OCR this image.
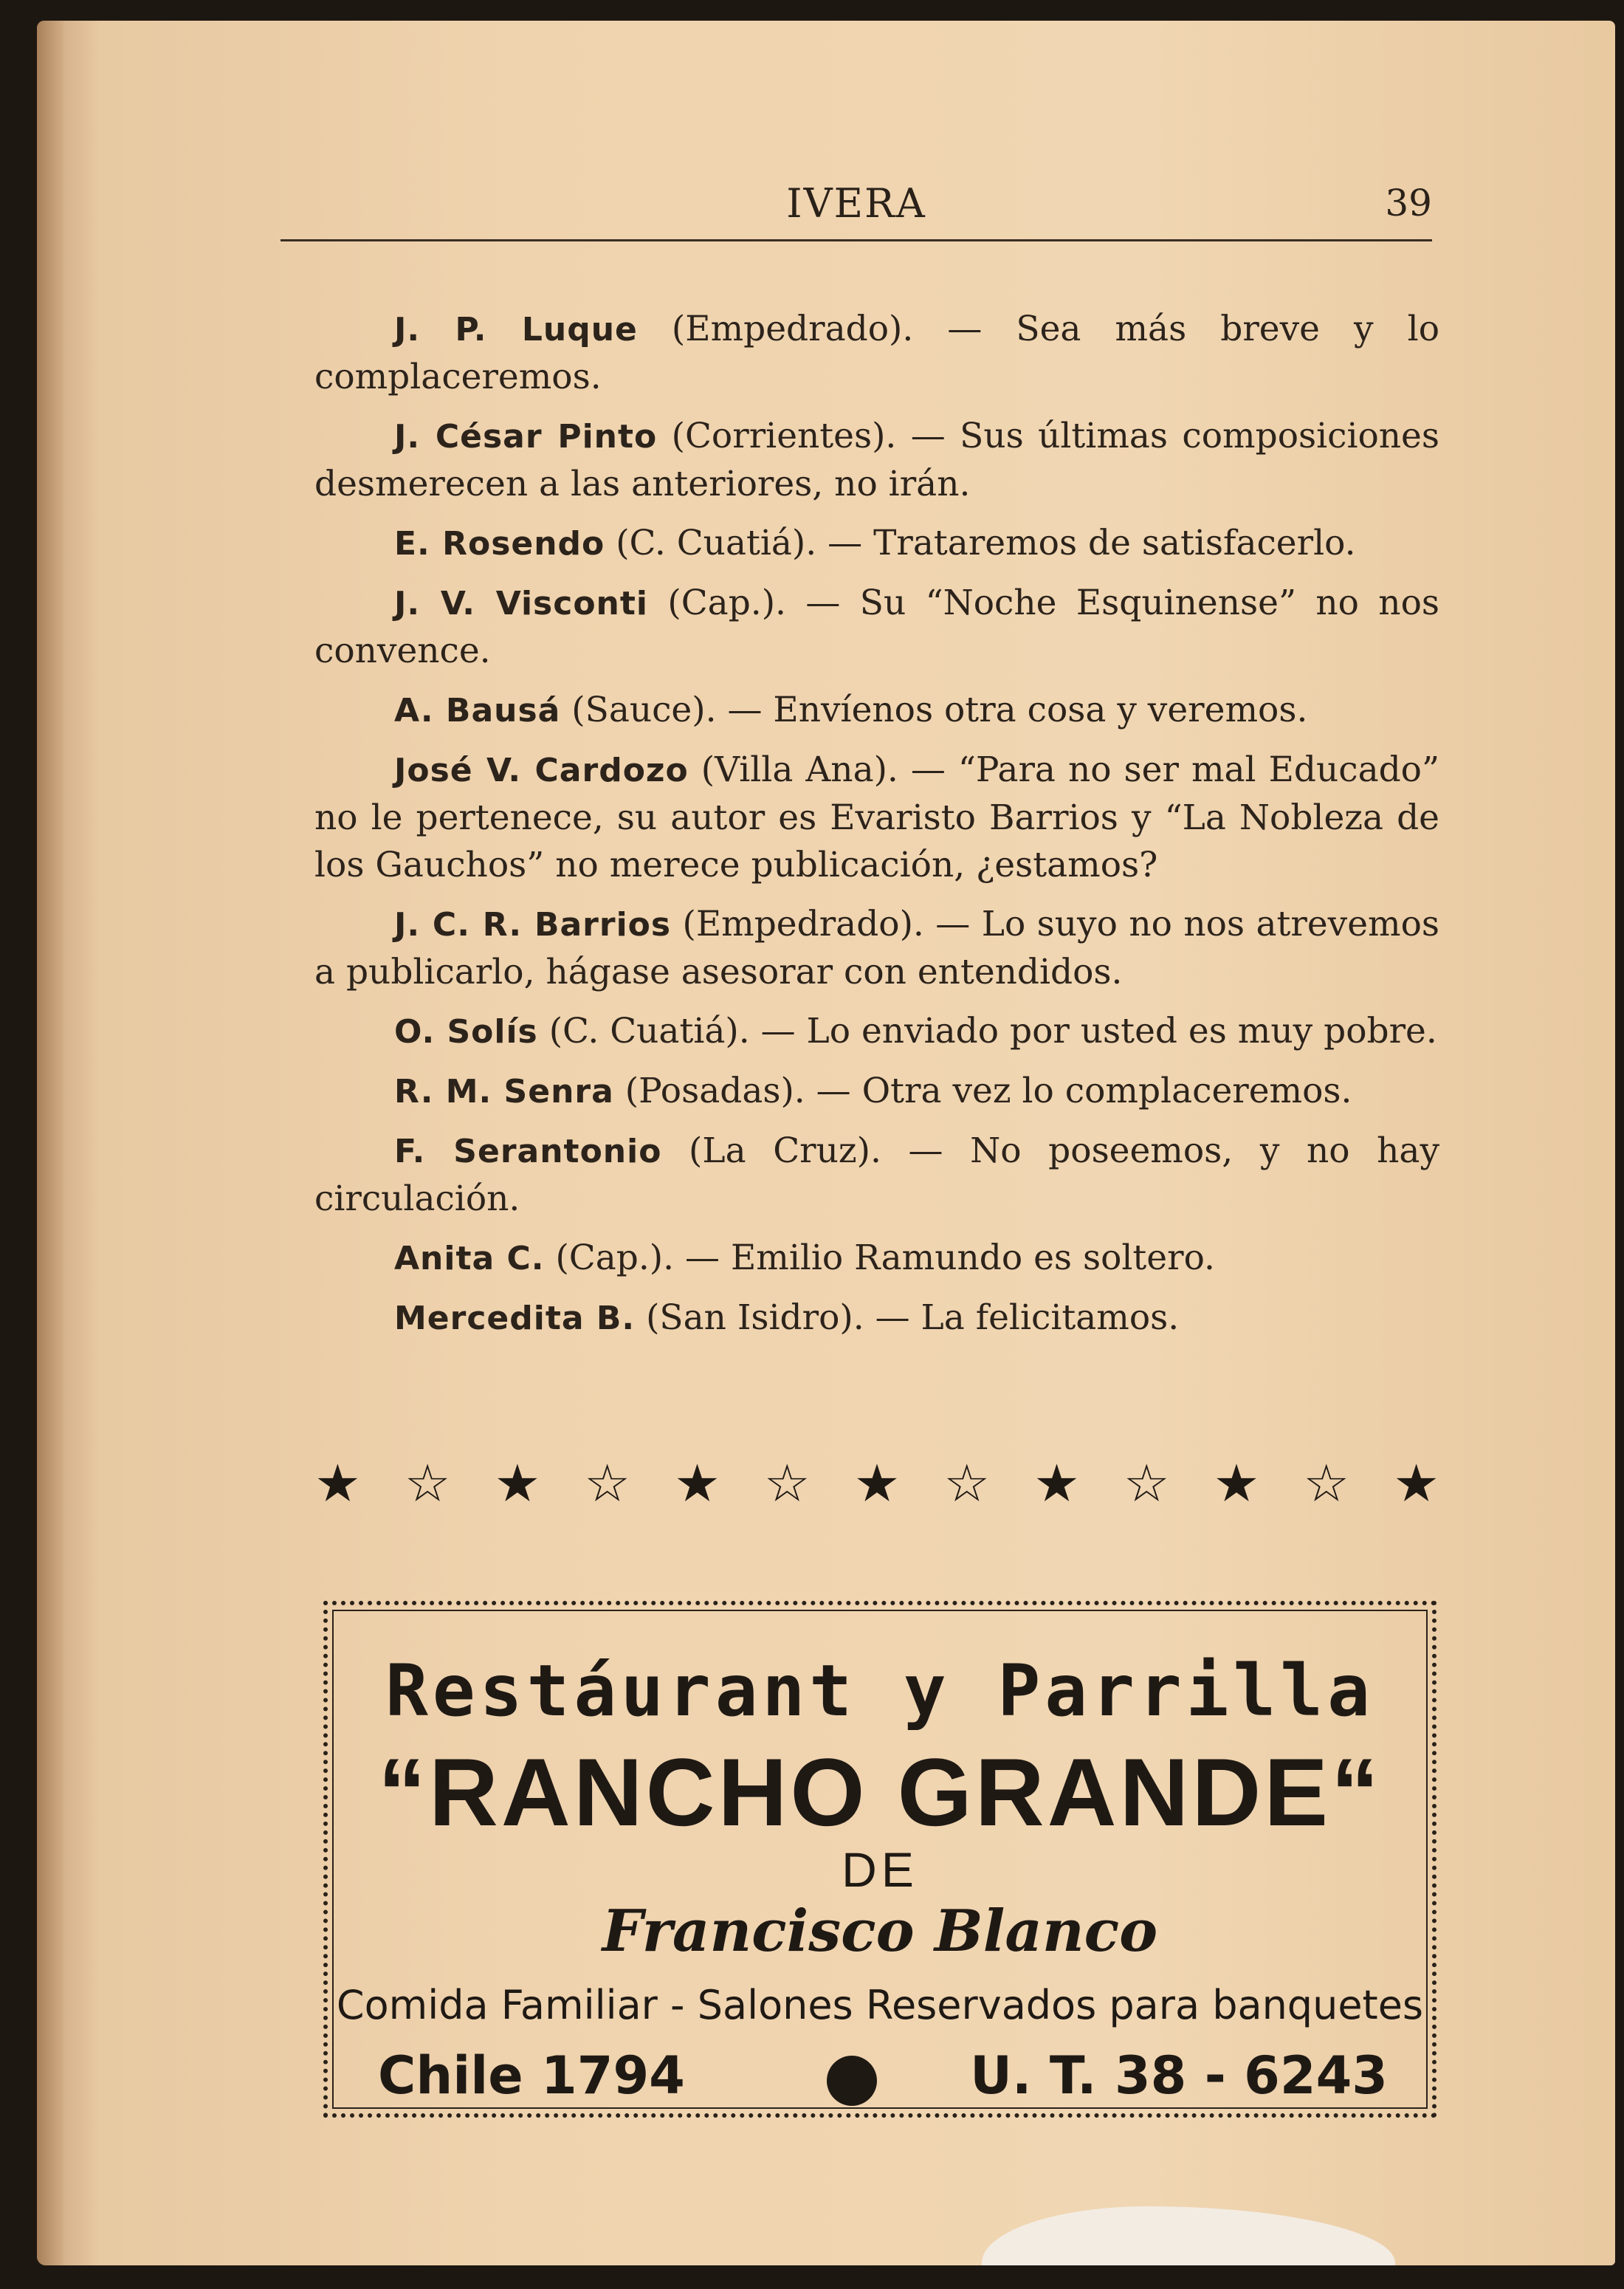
IVERA	39

J. P. Luque (Empedrado). — Sea más breve y lo complaceremos.

J. César Pinto (Corrientes). — Sus últimas composiciones desmerecen a las anteriores, no irán.

E. Rosendo (C. Cuatiá). — Trataremos de satisfacerlo.

J. V. Visconti (Cap.). — Su “Noche Esquinense” no nos convence.

A. Bausá (Sauce). — Envíenos otra cosa y veremos.

José V. Cardozo (Villa Ana). — “Para no ser mal Educado” no le pertenece, su autor es Evaristo Barrios y “La Nobleza de los Gauchos” no merece publicación, ¿estamos?

J. C. R. Barrios (Empedrado). — Lo suyo no nos atrevemos a publicarlo, hágase asesorar con entendidos.

O. Solís (C. Cuatiá). — Lo enviado por usted es muy pobre.

R. M. Senra (Posadas). — Otra vez lo complaceremos.

F. Serantonio (La Cruz). — No poseemos, y no hay circulación.

Anita C. (Cap.). — Emilio Ramundo es soltero.

Mercedita B. (San Isidro). — La felicitamos.

★ ☆ ★ ☆ ★ ☆ ★ ☆ ★ ☆ ★ ☆ ★
Restáurant y Parrilla
“RANCHO GRANDE“
DE
Francisco Blanco
Comida Familiar - Salones Reservados para banquetes
Chile 1794	U. T. 38 - 6243
